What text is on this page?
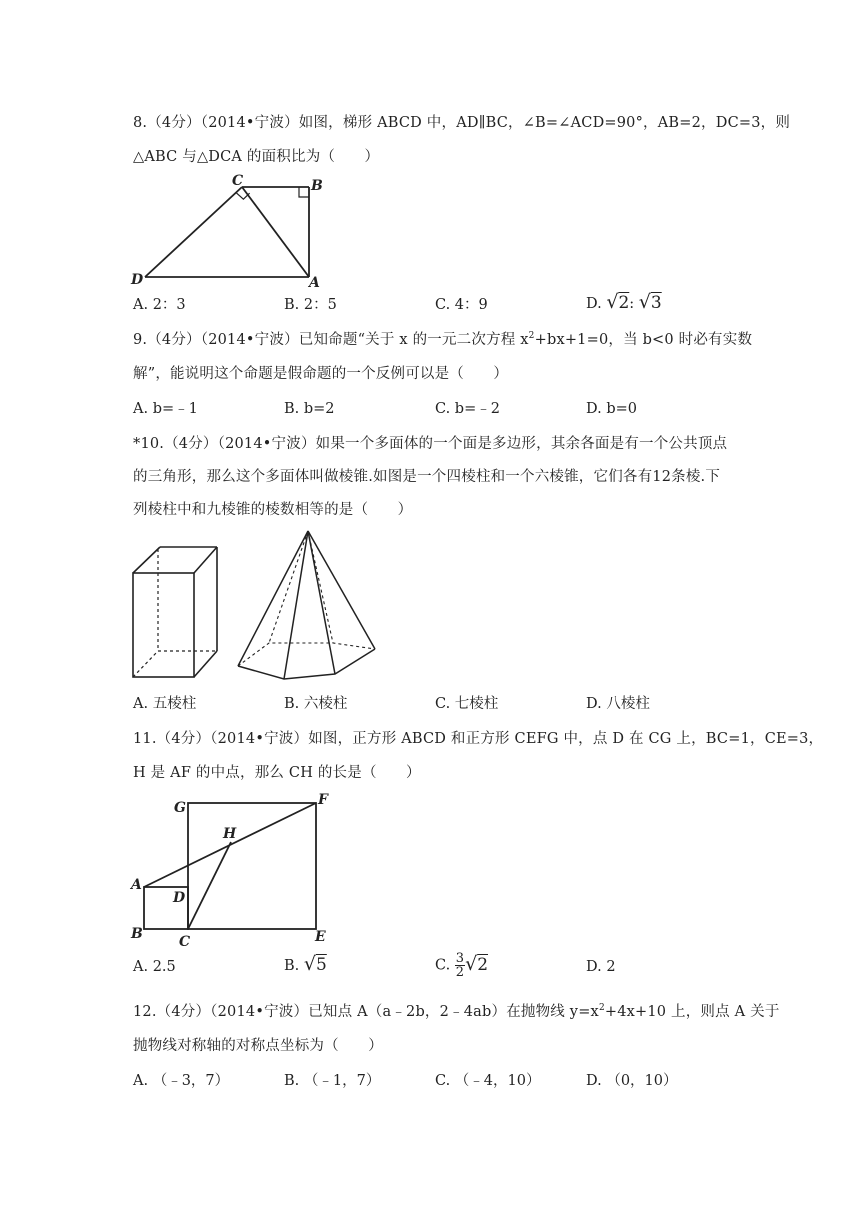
8.（4分）（2014•宁波）如图，梯形 ABCD 中，AD∥BC，∠B=∠ACD=90°，AB=2，DC=3，则
△ABC 与△DCA 的面积比为（　　）
C	B
D	A
A. 2：3	B. 2：5	C. 4：9	D. √2: √3
9.（4分）（2014•宁波）已知命题“关于 x 的一元二次方程 $x^2+bx+1=0$，当 b<0 时必有实数
解”，能说明这个命题是假命题的一个反例可以是（　　）
A. b=﹣1	B. b=2	C. b=﹣2	D. b=0
*10.（4分）（2014•宁波）如果一个多面体的一个面是多边形，其余各面是有一个公共顶点
的三角形，那么这个多面体叫做棱锥.如图是一个四棱柱和一个六棱锥，它们各有12条棱.下
列棱柱中和九棱锥的棱数相等的是（　　）
A. 五棱柱	B. 六棱柱	C. 七棱柱	D. 八棱柱
11.（4分）（2014•宁波）如图，正方形 ABCD 和正方形 CEFG 中，点 D 在 CG 上，BC=1，CE=3，
H 是 AF 的中点，那么 CH 的长是（　　）
G	F
H
A
D
B	C	E
A. 2.5	B. √5	C. $\frac{3}{2} √2$	D. 2
12.（4分）（2014•宁波）已知点 A（a﹣2b，2﹣4ab）在抛物线 $y=x^2+4x+10$ 上，则点 A 关于
抛物线对称轴的对称点坐标为（　　）
A. （﹣3，7）	B. （﹣1，7）	C. （﹣4，10）	D. （0，10）
